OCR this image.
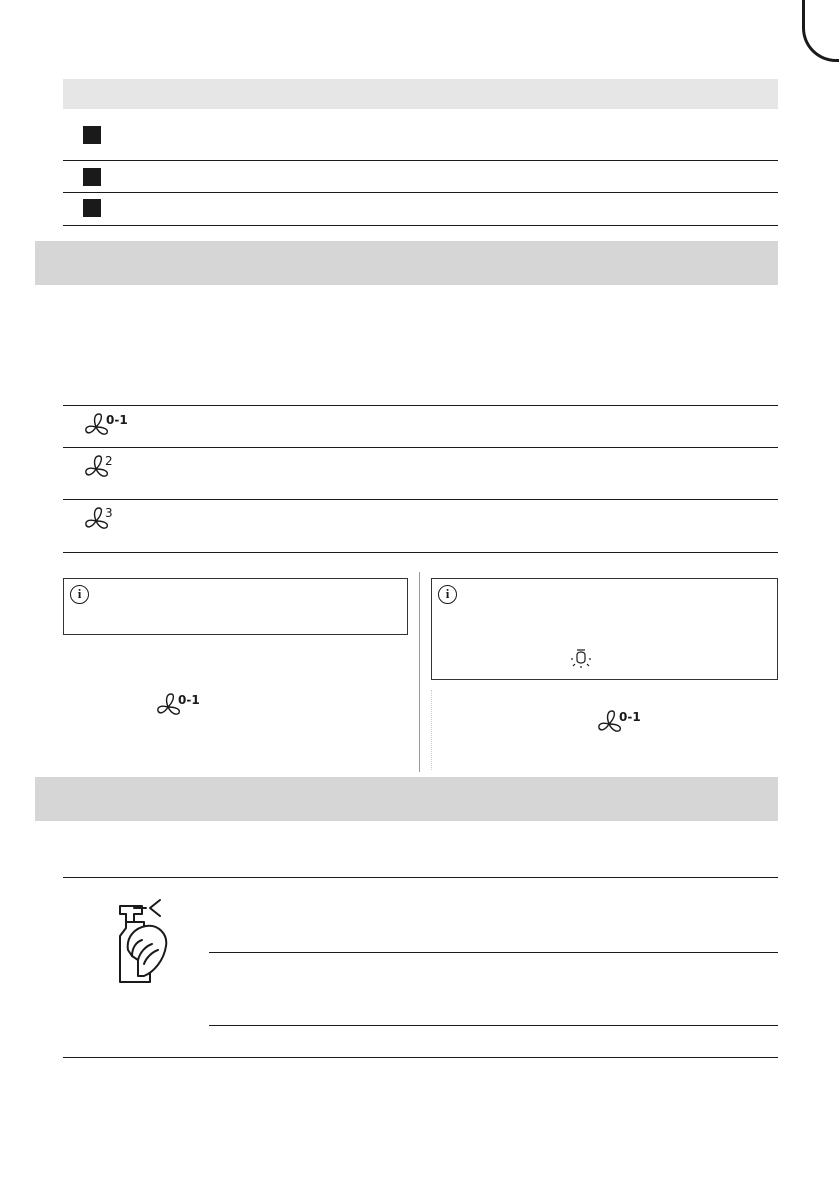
0-1
2
3
i
0-1
i
0-1
